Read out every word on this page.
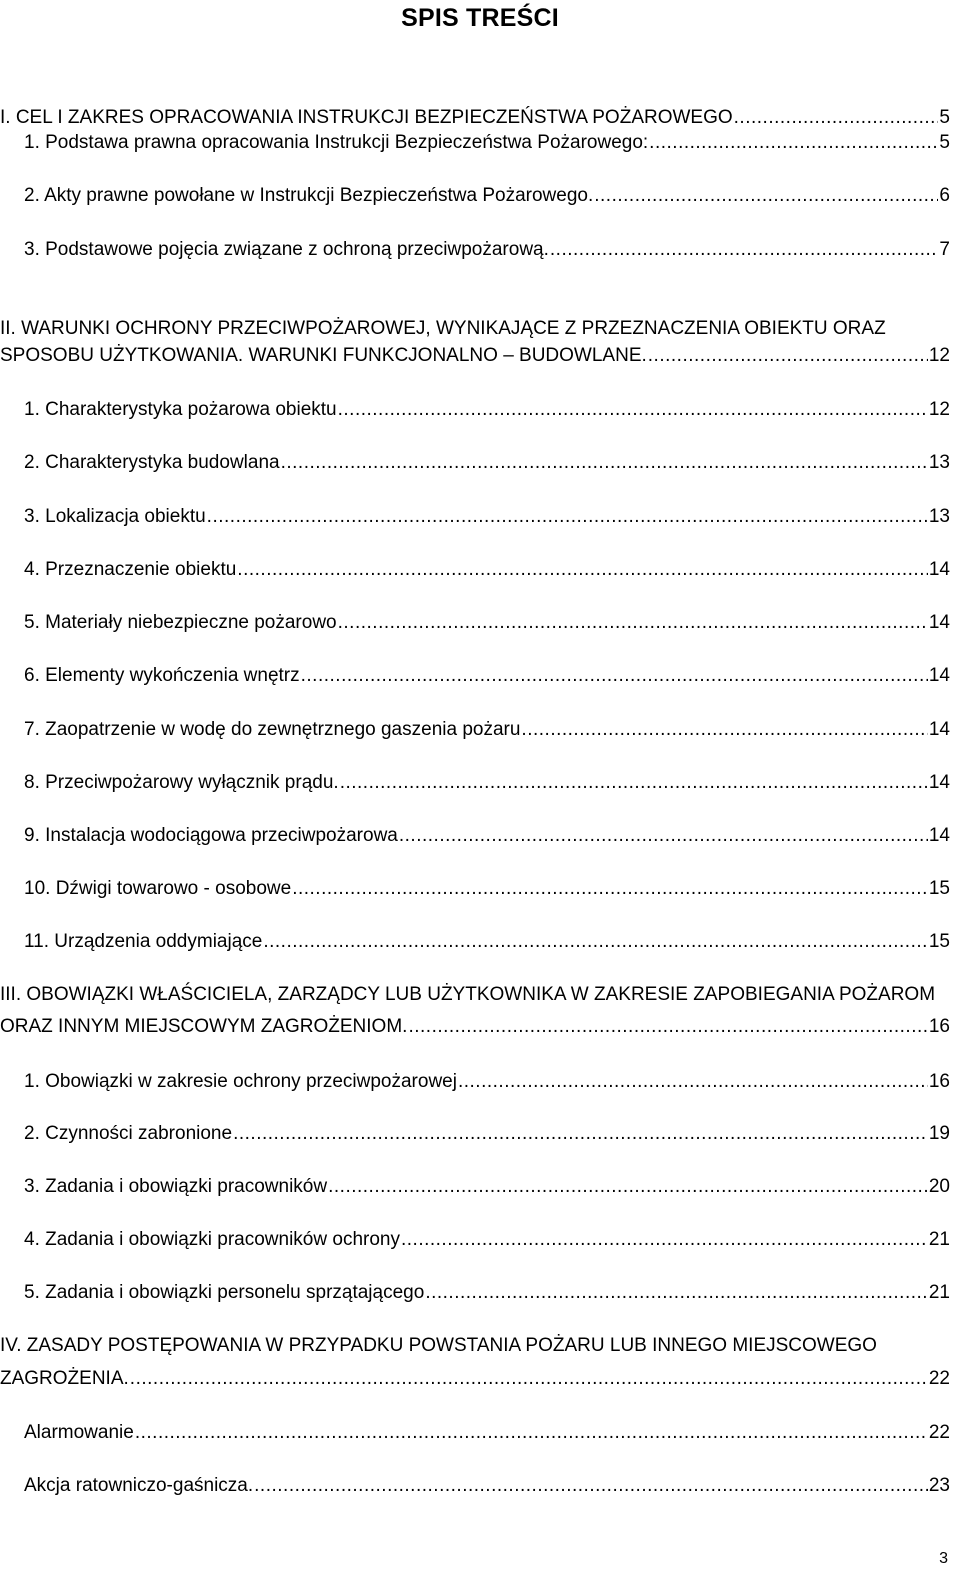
SPIS TREŚCI
I. CEL I ZAKRES OPRACOWANIA INSTRUKCJI BEZPIECZEŃSTWA POŻAROWEGO .....	5
1. Podstawa prawna opracowania Instrukcji Bezpieczeństwa Pożarowego: .....	5
2. Akty prawne powołane w Instrukcji Bezpieczeństwa Pożarowego. .....	6
3. Podstawowe pojęcia związane z ochroną przeciwpożarową. .....	7
II. WARUNKI OCHRONY PRZECIWPOŻAROWEJ, WYNIKAJĄCE Z PRZEZNACZENIA OBIEKTU ORAZ
SPOSOBU UŻYTKOWANIA. WARUNKI FUNKCJONALNO – BUDOWLANE. .....	12
1. Charakterystyka pożarowa obiektu .....	12
2. Charakterystyka budowlana .....	13
3. Lokalizacja obiektu .....	13
4. Przeznaczenie obiektu .....	14
5. Materiały niebezpieczne pożarowo .....	14
6. Elementy wykończenia wnętrz .....	14
7. Zaopatrzenie w wodę do zewnętrznego gaszenia pożaru .....	14
8. Przeciwpożarowy wyłącznik prądu. .....	14
9. Instalacja wodociągowa przeciwpożarowa .....	14
10. Dźwigi towarowo - osobowe .....	15
11. Urządzenia oddymiające .....	15
III. OBOWIĄZKI WŁAŚCICIELA, ZARZĄDCY LUB UŻYTKOWNIKA W ZAKRESIE ZAPOBIEGANIA POŻAROM
ORAZ INNYM MIEJSCOWYM ZAGROŻENIOM. .....	16
1. Obowiązki w zakresie ochrony przeciwpożarowej .....	16
2. Czynności zabronione .....	19
3. Zadania i obowiązki pracowników .....	20
4. Zadania i obowiązki pracowników ochrony .....	21
5. Zadania i obowiązki personelu sprzątającego .....	21
IV. ZASADY POSTĘPOWANIA W PRZYPADKU POWSTANIA POŻARU LUB INNEGO MIEJSCOWEGO
ZAGROŻENIA. .....	22
Alarmowanie .....	22
Akcja ratowniczo-gaśnicza. .....	23
3
